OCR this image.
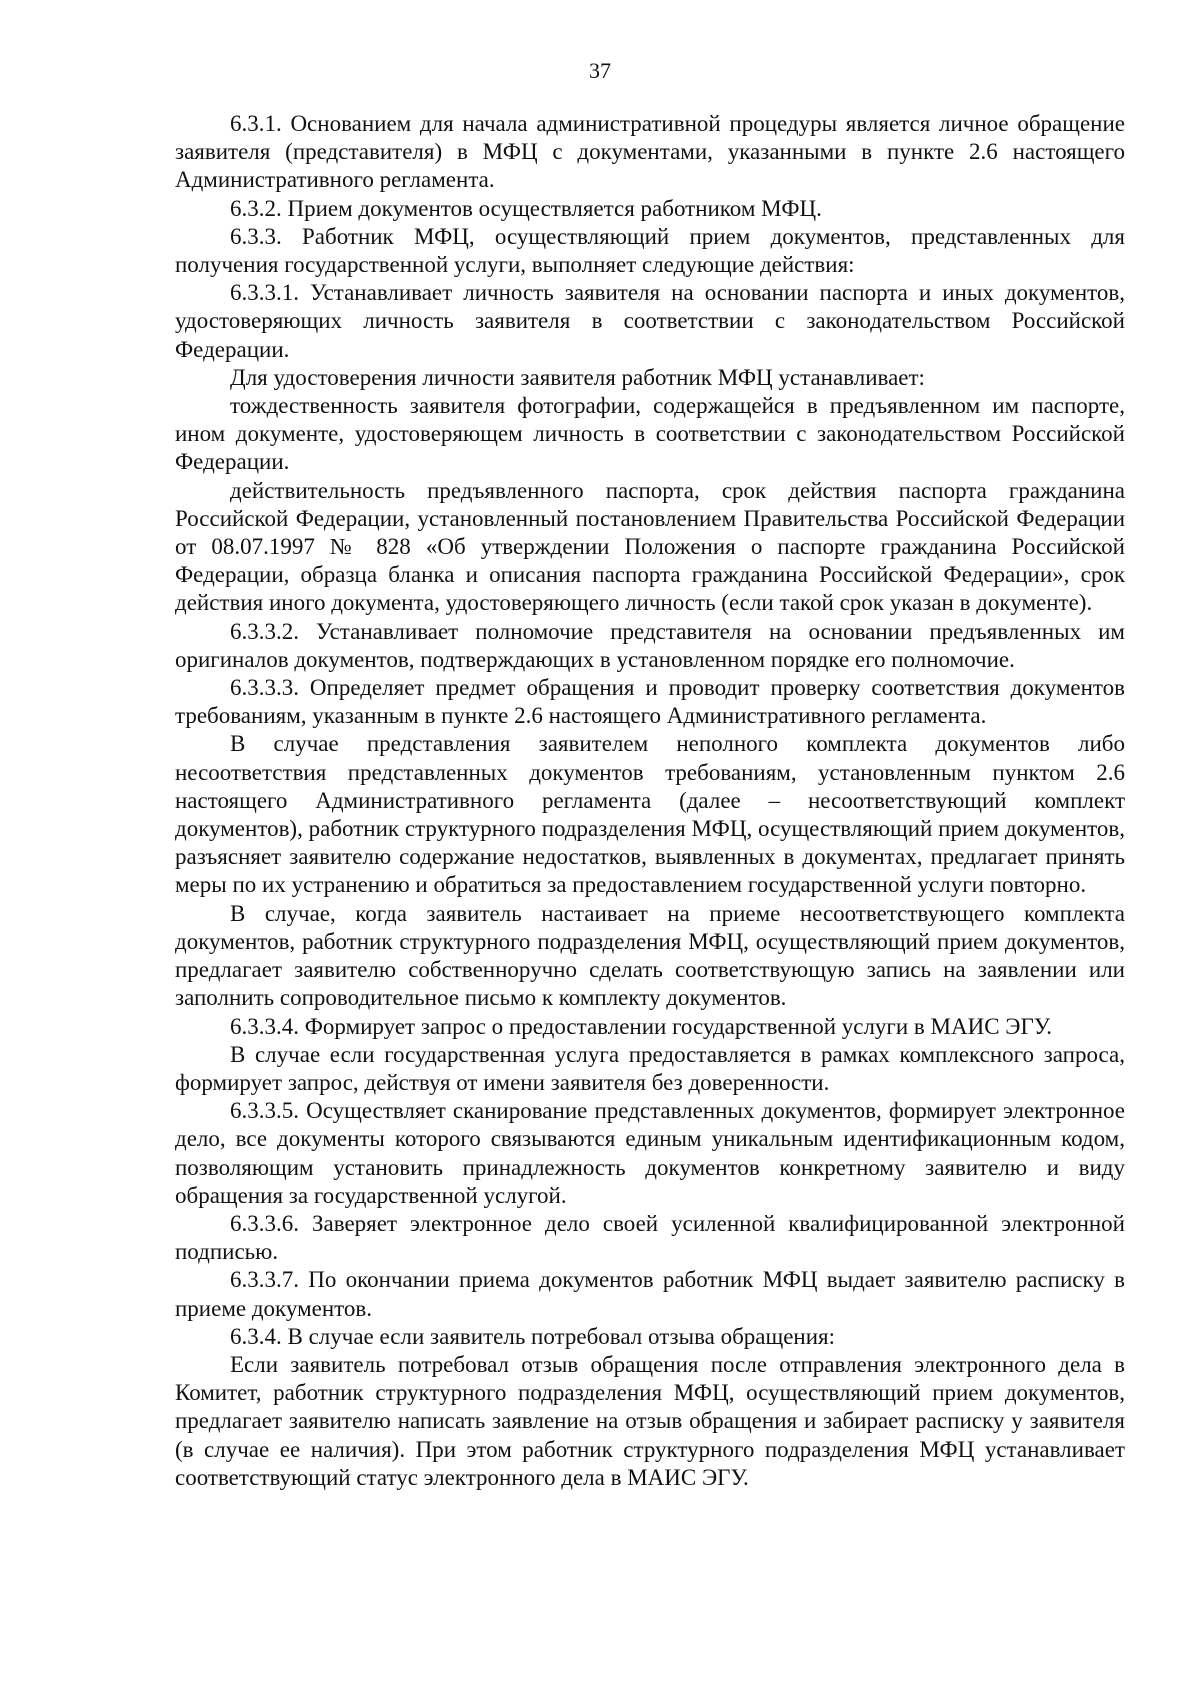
37

6.3.1. Основанием для начала административной процедуры является личное обращение заявителя (представителя) в МФЦ с документами, указанными в пункте 2.6 настоящего Административного регламента.

6.3.2. Прием документов осуществляется работником МФЦ.

6.3.3. Работник МФЦ, осуществляющий прием документов, представленных для получения государственной услуги, выполняет следующие действия:

6.3.3.1. Устанавливает личность заявителя на основании паспорта и иных документов, удостоверяющих личность заявителя в соответствии с законодательством Российской Федерации.

Для удостоверения личности заявителя работник МФЦ устанавливает:

тождественность заявителя фотографии, содержащейся в предъявленном им паспорте, ином документе, удостоверяющем личность в соответствии с законодательством Российской Федерации.

действительность предъявленного паспорта, срок действия паспорта гражданина Российской Федерации, установленный постановлением Правительства Российской Федерации от 08.07.1997 № 828 «Об утверждении Положения о паспорте гражданина Российской Федерации, образца бланка и описания паспорта гражданина Российской Федерации», срок действия иного документа, удостоверяющего личность (если такой срок указан в документе).

6.3.3.2. Устанавливает полномочие представителя на основании предъявленных им оригиналов документов, подтверждающих в установленном порядке его полномочие.

6.3.3.3. Определяет предмет обращения и проводит проверку соответствия документов требованиям, указанным в пункте 2.6 настоящего Административного регламента.

В случае представления заявителем неполного комплекта документов либо несоответствия представленных документов требованиям, установленным пунктом 2.6 настоящего Административного регламента (далее – несоответствующий комплект документов), работник структурного подразделения МФЦ, осуществляющий прием документов, разъясняет заявителю содержание недостатков, выявленных в документах, предлагает принять меры по их устранению и обратиться за предоставлением государственной услуги повторно.

В случае, когда заявитель настаивает на приеме несоответствующего комплекта документов, работник структурного подразделения МФЦ, осуществляющий прием документов, предлагает заявителю собственноручно сделать соответствующую запись на заявлении или заполнить сопроводительное письмо к комплекту документов.

6.3.3.4. Формирует запрос о предоставлении государственной услуги в МАИС ЭГУ.

В случае если государственная услуга предоставляется в рамках комплексного запроса, формирует запрос, действуя от имени заявителя без доверенности.

6.3.3.5. Осуществляет сканирование представленных документов, формирует электронное дело, все документы которого связываются единым уникальным идентификационным кодом, позволяющим установить принадлежность документов конкретному заявителю и виду обращения за государственной услугой.

6.3.3.6. Заверяет электронное дело своей усиленной квалифицированной электронной подписью.

6.3.3.7. По окончании приема документов работник МФЦ выдает заявителю расписку в приеме документов.

6.3.4. В случае если заявитель потребовал отзыва обращения:

Если заявитель потребовал отзыв обращения после отправления электронного дела в Комитет, работник структурного подразделения МФЦ, осуществляющий прием документов, предлагает заявителю написать заявление на отзыв обращения и забирает расписку у заявителя (в случае ее наличия). При этом работник структурного подразделения МФЦ устанавливает соответствующий статус электронного дела в МАИС ЭГУ.
